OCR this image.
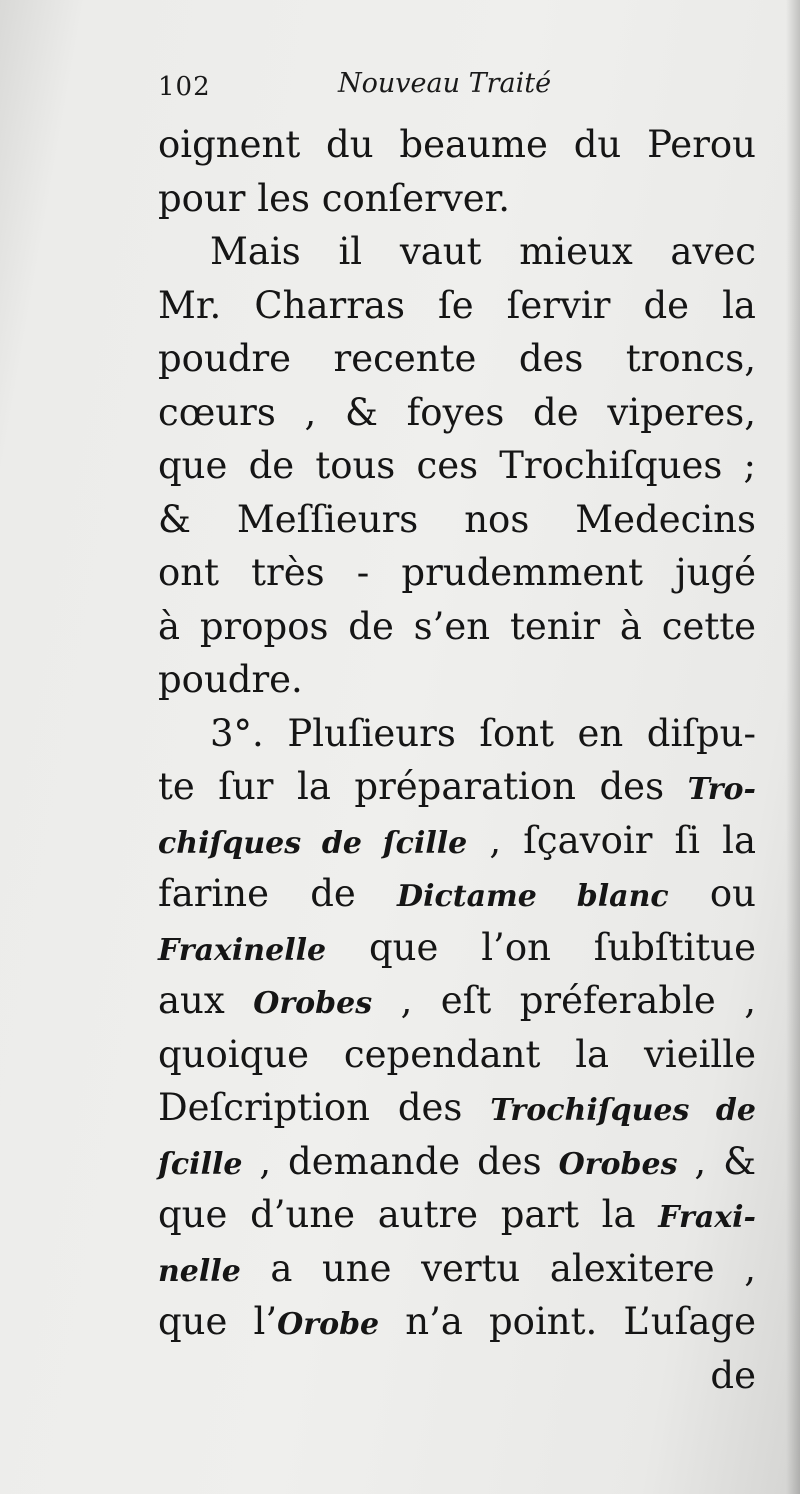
102	Nouveau Traité
oignent du beaume du Perou
pour les conſerver.
Mais il vaut mieux avec
Mr. Charras ſe ſervir de la
poudre recente des troncs,
cœurs , & foyes de viperes,
que de tous ces Trochiſques ;
& Meſſieurs nos Medecins
ont très - prudemment jugé
à propos de s’en tenir à cette
poudre.
3°. Pluſieurs ſont en diſpu-
te ſur la préparation des Tro-
chiſques de ſcille , ſçavoir ſi la
farine de Dictame blanc ou
Fraxinelle que l’on ſubſtitue
aux Orobes , eſt préferable ,
quoique cependant la vieille
Deſcription des Trochiſques de
ſcille , demande des Orobes , &
que d’une autre part la Fraxi-
nelle a une vertu alexitere ,
que l’Orobe n’a point. L’uſage
de
